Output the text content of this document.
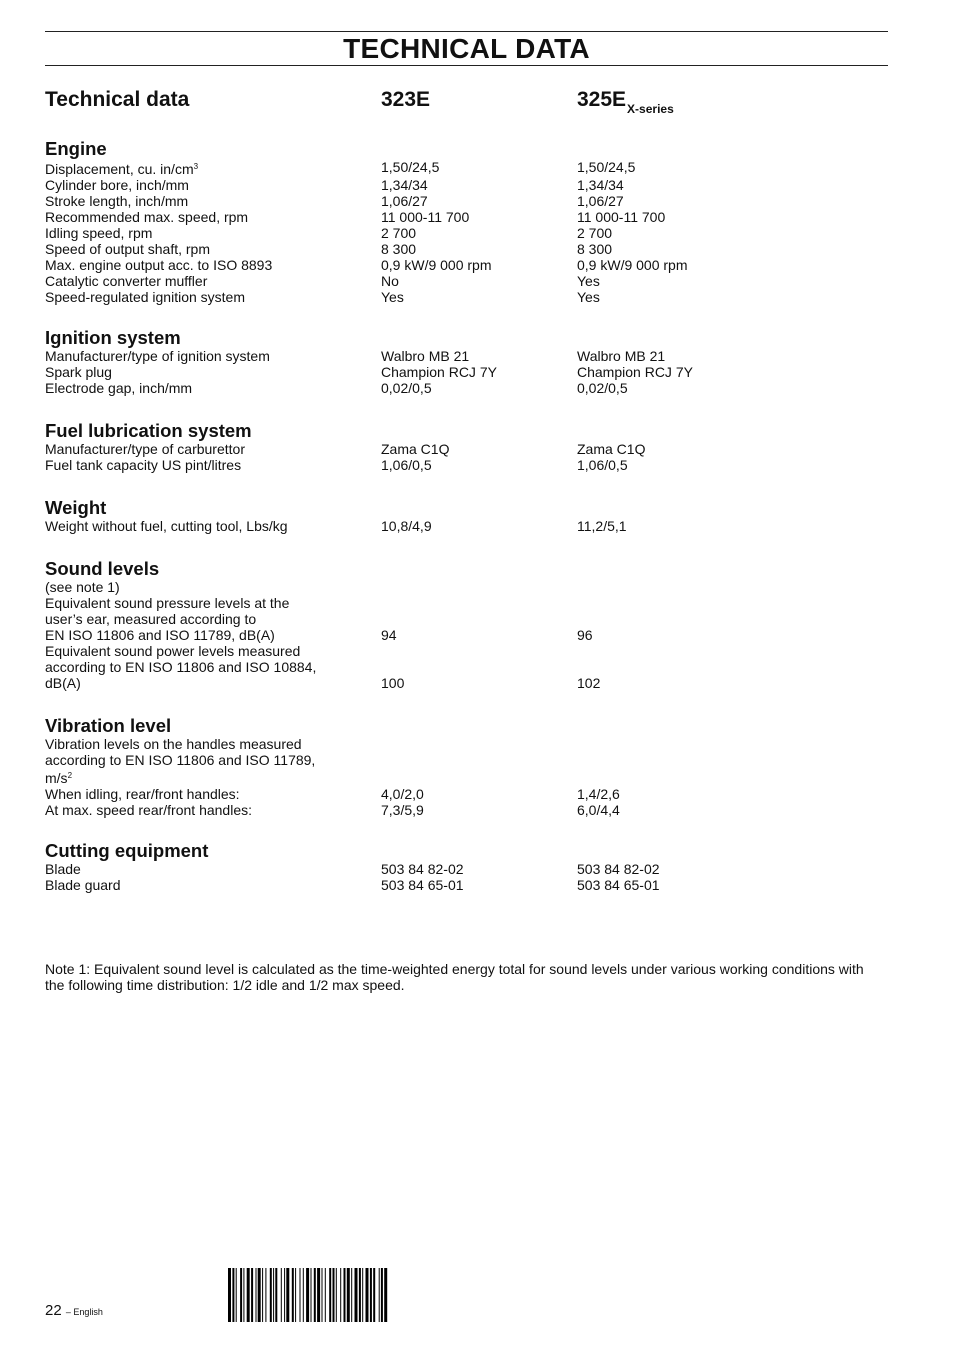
TECHNICAL DATA
Technical data	323E	$325E_{X-series}$
Engine
Displacement, cu. $in/cm^3$	1,50/24,5	1,50/24,5
Cylinder bore, inch/mm	1,34/34	1,34/34
Stroke length, inch/mm	1,06/27	1,06/27
Recommended max. speed, rpm	11 000-11 700	11 000-11 700
Idling speed, rpm	2 700	2 700
Speed of output shaft, rpm	8 300	8 300
Max. engine output acc. to ISO 8893	0,9 kW/9 000 rpm	0,9 kW/9 000 rpm
Catalytic converter muffler	No	Yes
Speed-regulated ignition system	Yes	Yes
Ignition system
Manufacturer/type of ignition system	Walbro MB 21	Walbro MB 21
Spark plug	Champion RCJ 7Y	Champion RCJ 7Y
Electrode gap, inch/mm	0,02/0,5	0,02/0,5
Fuel lubrication system
Manufacturer/type of carburettor	Zama C1Q	Zama C1Q
Fuel tank capacity US pint/litres	1,06/0,5	1,06/0,5
Weight
Weight without fuel, cutting tool, Lbs/kg	10,8/4,9	11,2/5,1
Sound levels
(see note 1)
Equivalent sound pressure levels at the
user’s ear, measured according to
EN ISO 11806 and ISO 11789, dB(A)	94	96
Equivalent sound power levels measured
according to EN ISO 11806 and ISO 10884,
dB(A)	100	102
Vibration level
Vibration levels on the handles measured
according to EN ISO 11806 and ISO 11789,
$m/s^2$
When idling, rear/front handles:	4,0/2,0	1,4/2,6
At max. speed rear/front handles:	7,3/5,9	6,0/4,4
Cutting equipment
Blade	503 84 82-02	503 84 82-02
Blade guard	503 84 65-01	503 84 65-01
Note 1: Equivalent sound level is calculated as the time-weighted energy total for sound levels under various working conditions with the following time distribution: 1/2 idle and 1/2 max speed.
22 – English
